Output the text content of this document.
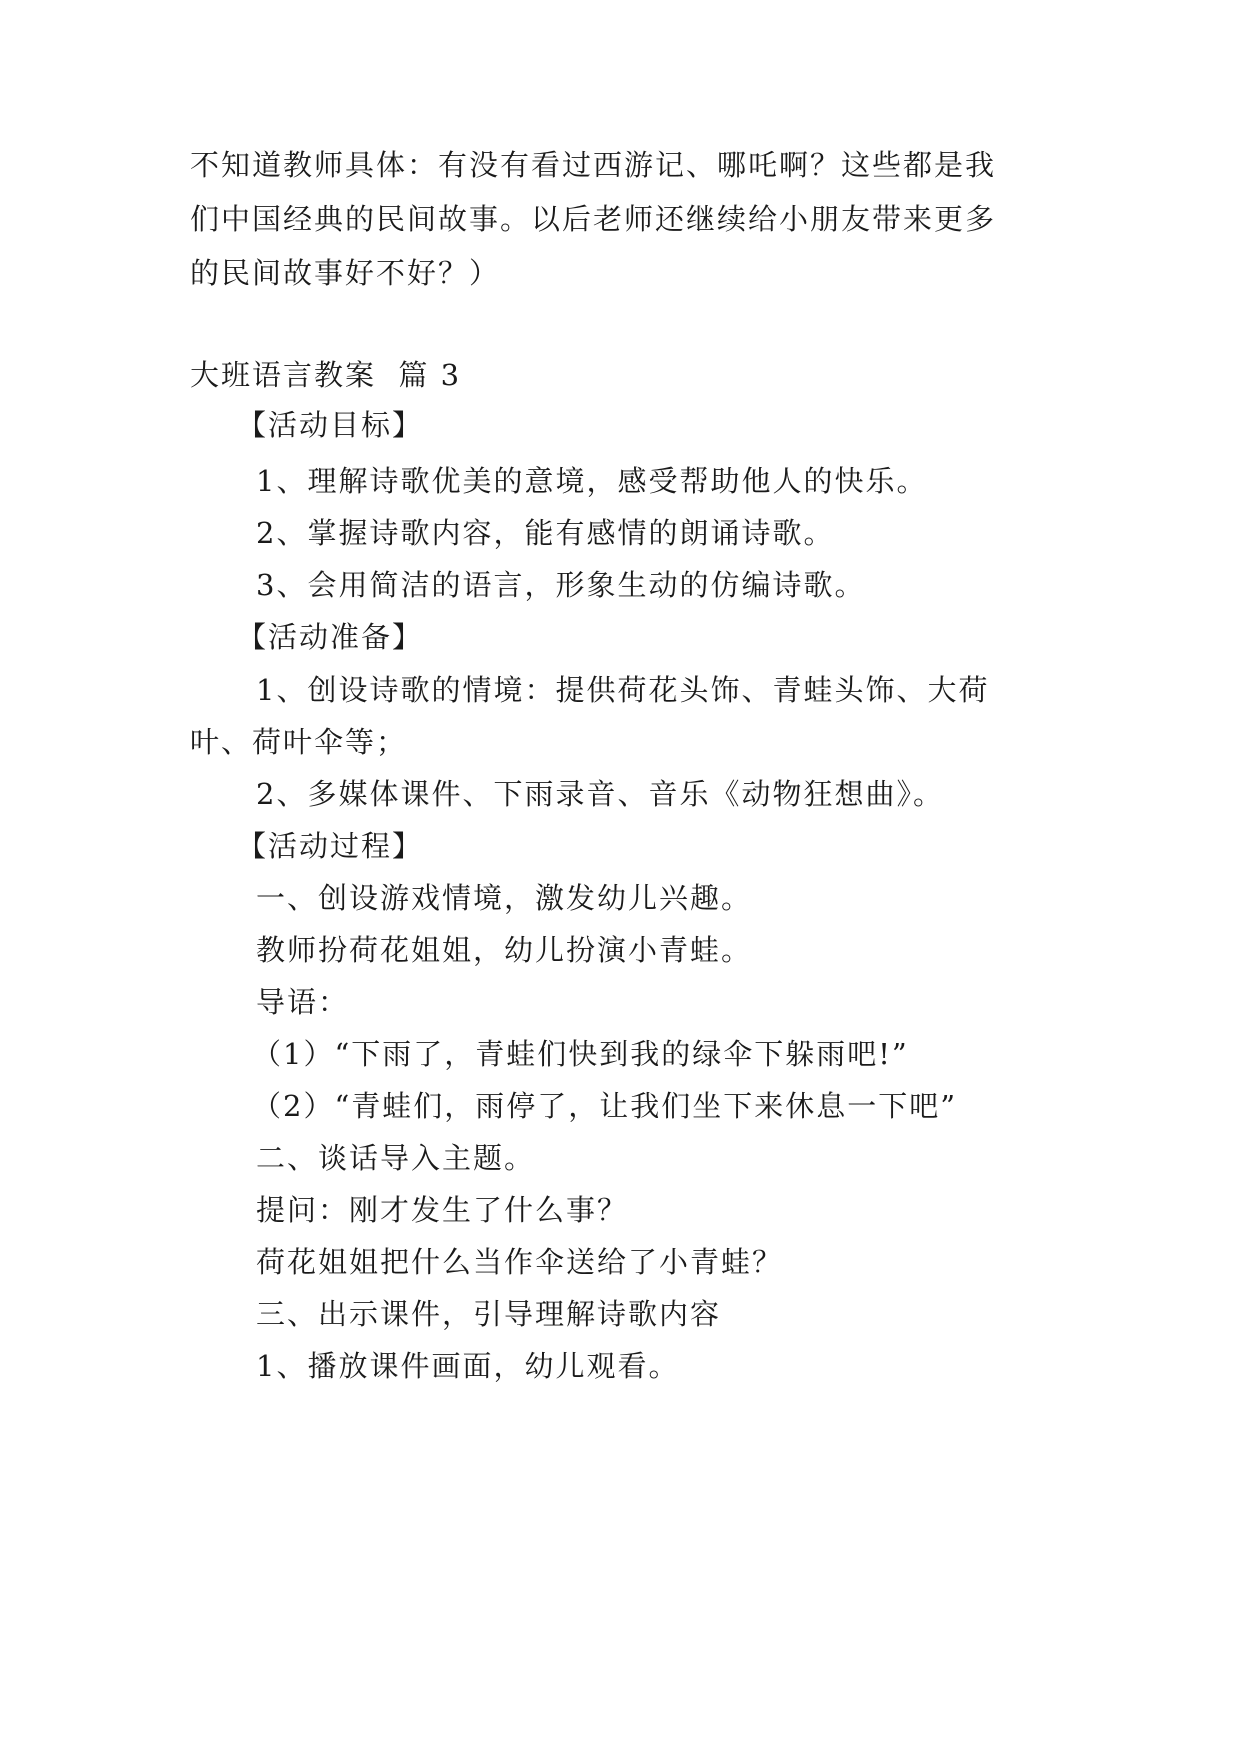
不知道教师具体：有没有看过西游记、哪吒啊？这些都是我
们中国经典的民间故事。以后老师还继续给小朋友带来更多
的民间故事好不好？）
大班语言教案  篇 3
【活动目标】
1、理解诗歌优美的意境，感受帮助他人的快乐。
2、掌握诗歌内容，能有感情的朗诵诗歌。
3、会用简洁的语言，形象生动的仿编诗歌。
【活动准备】
1、创设诗歌的情境：提供荷花头饰、青蛙头饰、大荷
叶、荷叶伞等；
2、多媒体课件、下雨录音、音乐《动物狂想曲》。
【活动过程】
一、创设游戏情境，激发幼儿兴趣。
教师扮荷花姐姐，幼儿扮演小青蛙。
导语：
（1）“下雨了，青蛙们快到我的绿伞下躲雨吧!”
（2）“青蛙们，雨停了，让我们坐下来休息一下吧”
二、谈话导入主题。
提问：刚才发生了什么事？
荷花姐姐把什么当作伞送给了小青蛙？
三、出示课件，引导理解诗歌内容
1、播放课件画面，幼儿观看。
